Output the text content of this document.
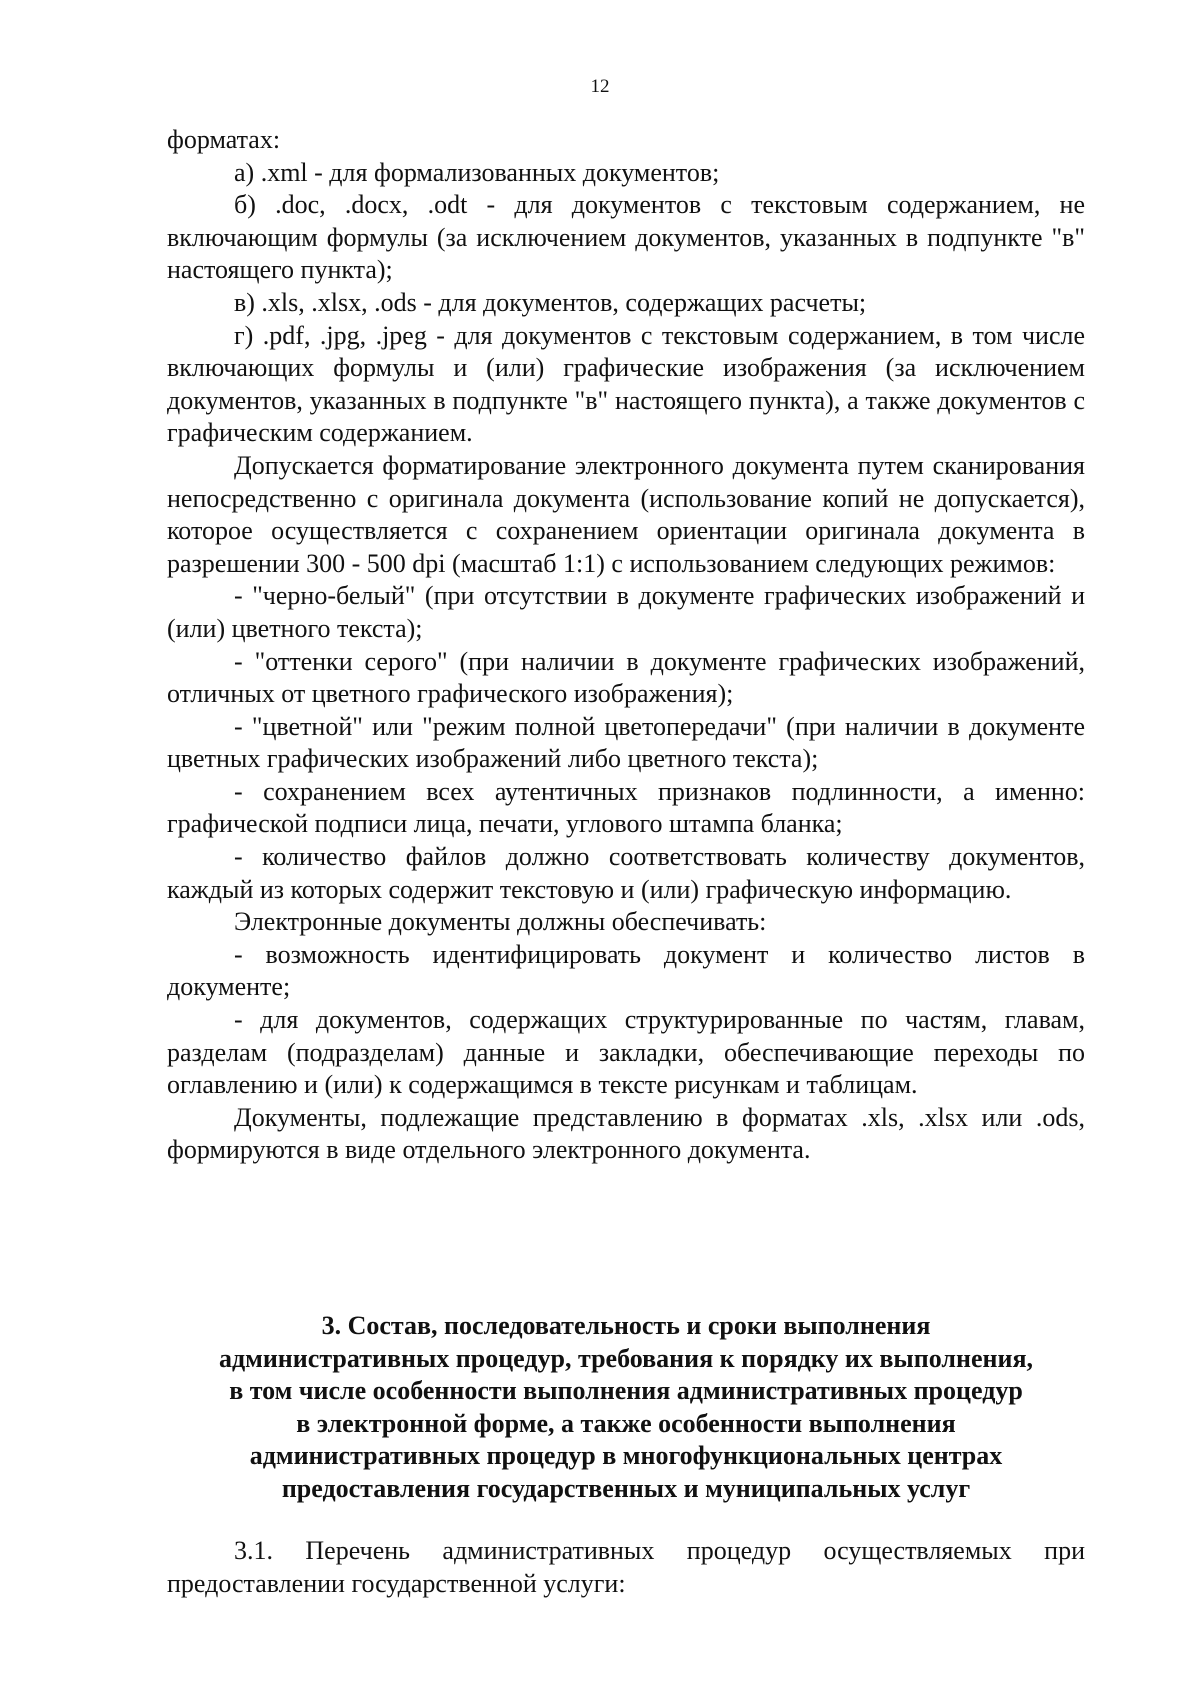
12

форматах:

а) .xml - для формализованных документов;

б) .doc, .docx, .odt - для документов с текстовым содержанием, не включающим формулы (за исключением документов, указанных в подпункте "в" настоящего пункта);

в) .xls, .xlsx, .ods - для документов, содержащих расчеты;

г) .pdf, .jpg, .jpeg - для документов с текстовым содержанием, в том числе включающих формулы и (или) графические изображения (за исключением документов, указанных в подпункте "в" настоящего пункта), а также документов с графическим содержанием.

Допускается форматирование электронного документа путем сканирования непосредственно с оригинала документа (использование копий не допускается), которое осуществляется с сохранением ориентации оригинала документа в разрешении 300 - 500 dpi (масштаб 1:1) с использованием следующих режимов:

- "черно-белый" (при отсутствии в документе графических изображений и (или) цветного текста);

- "оттенки серого" (при наличии в документе графических изображений, отличных от цветного графического изображения);

- "цветной" или "режим полной цветопередачи" (при наличии в документе цветных графических изображений либо цветного текста);

- сохранением всех аутентичных признаков подлинности, а именно: графической подписи лица, печати, углового штампа бланка;

- количество файлов должно соответствовать количеству документов, каждый из которых содержит текстовую и (или) графическую информацию.

Электронные документы должны обеспечивать:

- возможность идентифицировать документ и количество листов в документе;

- для документов, содержащих структурированные по частям, главам, разделам (подразделам) данные и закладки, обеспечивающие переходы по оглавлению и (или) к содержащимся в тексте рисункам и таблицам.

Документы, подлежащие представлению в форматах .xls, .xlsx или .ods, формируются в виде отдельного электронного документа.

3. Состав, последовательность и сроки выполнения
административных процедур, требования к порядку их выполнения,
в том числе особенности выполнения административных процедур
в электронной форме, а также особенности выполнения
административных процедур в многофункциональных центрах
предоставления государственных и муниципальных услуг

3.1. Перечень административных процедур осуществляемых при предоставлении государственной услуги:
